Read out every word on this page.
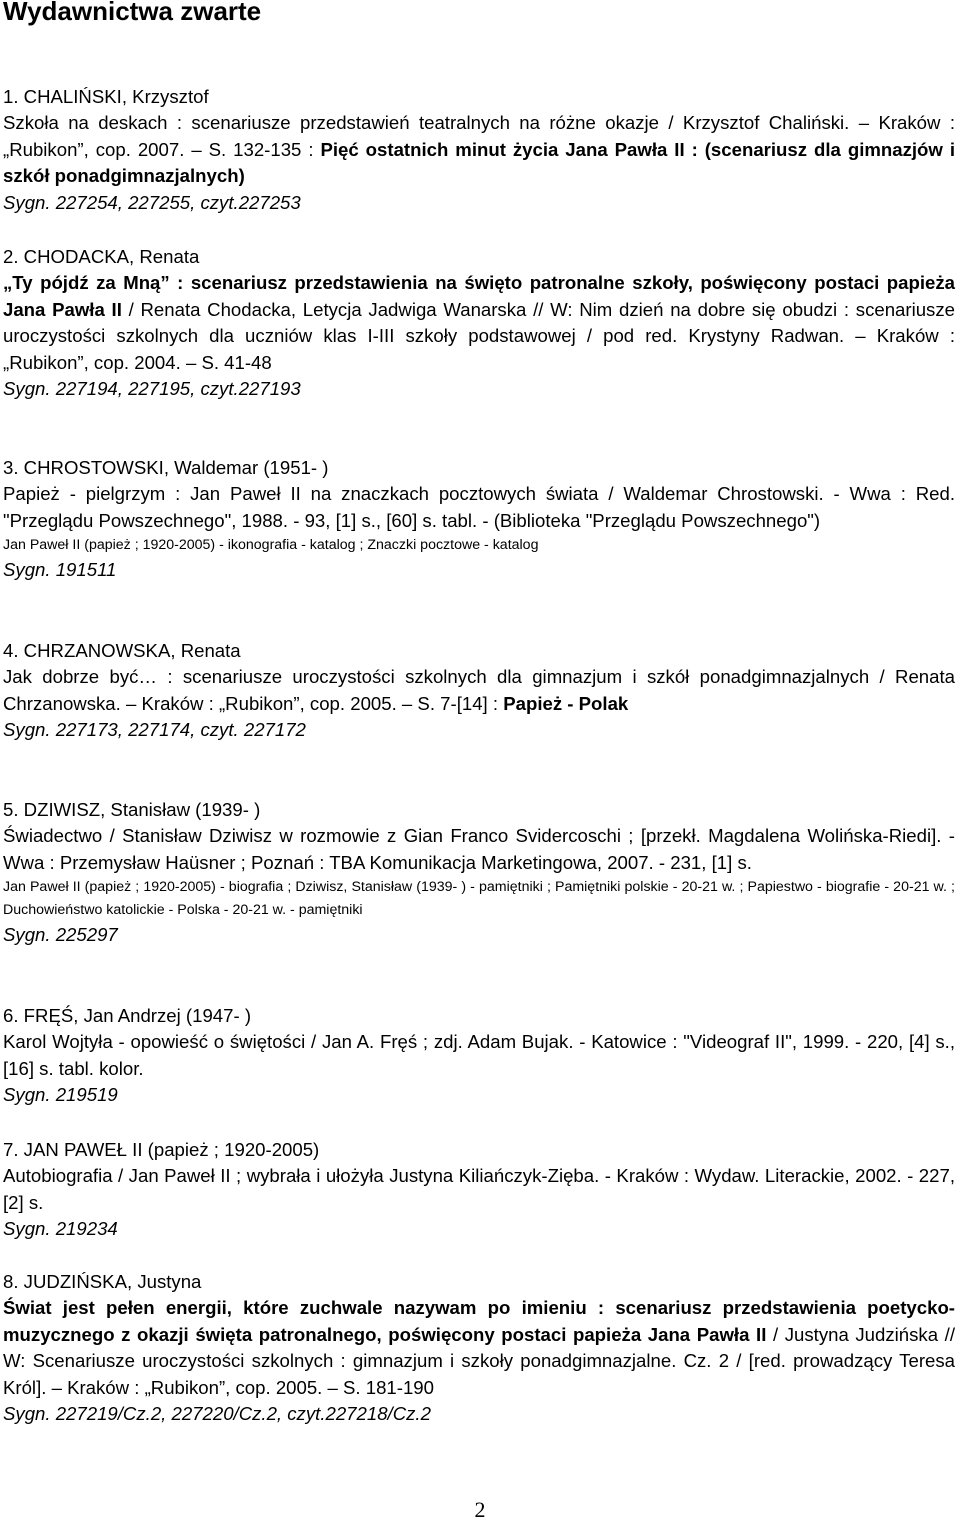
Wydawnictwa zwarte

1. CHALIŃSKI, Krzysztof

Szkoła na deskach : scenariusze przedstawień teatralnych na różne okazje / Krzysztof Chaliński. – Kraków : „Rubikon”, cop. 2007. – S. 132-135 : Pięć ostatnich minut życia Jana Pawła II : (scenariusz dla gimnazjów i szkół ponadgimnazjalnych)

Sygn. 227254, 227255, czyt.227253

2. CHODACKA, Renata

„Ty pójdź za Mną” : scenariusz przedstawienia na święto patronalne szkoły, poświęcony postaci papieża Jana Pawła II / Renata Chodacka, Letycja Jadwiga Wanarska // W: Nim dzień na dobre się obudzi : scenariusze uroczystości szkolnych dla uczniów klas I-III szkoły podstawowej / pod red. Krystyny Radwan. – Kraków : „Rubikon”, cop. 2004. – S. 41-48

Sygn. 227194, 227195, czyt.227193

3. CHROSTOWSKI, Waldemar (1951- )

Papież - pielgrzym : Jan Paweł II na znaczkach pocztowych świata / Waldemar Chrostowski. - Wwa : Red. "Przeglądu Powszechnego", 1988. - 93, [1] s., [60] s. tabl. - (Biblioteka "Przeglądu Powszechnego")

Jan Paweł II (papież ; 1920-2005) - ikonografia - katalog ; Znaczki pocztowe - katalog

Sygn. 191511

4. CHRZANOWSKA, Renata

Jak dobrze być… : scenariusze uroczystości szkolnych dla gimnazjum i szkół ponadgimnazjalnych / Renata Chrzanowska. – Kraków : „Rubikon”, cop. 2005. – S. 7-[14] : Papież - Polak

Sygn. 227173, 227174, czyt. 227172

5. DZIWISZ, Stanisław (1939- )

Świadectwo / Stanisław Dziwisz w rozmowie z Gian Franco Svidercoschi ; [przekł. Magdalena Wolińska-Riedi]. - Wwa : Przemysław Haüsner ; Poznań : TBA Komunikacja Marketingowa, 2007. - 231, [1] s.

Jan Paweł II (papież ; 1920-2005) - biografia ; Dziwisz, Stanisław (1939- ) - pamiętniki ; Pamiętniki polskie - 20-21 w. ; Papiestwo - biografie - 20-21 w. ; Duchowieństwo katolickie - Polska - 20-21 w. - pamiętniki

Sygn. 225297

6. FRĘŚ, Jan Andrzej (1947- )

Karol Wojtyła - opowieść o świętości / Jan A. Fręś ; zdj. Adam Bujak. - Katowice : "Videograf II", 1999. - 220, [4] s., [16] s. tabl. kolor.

Sygn. 219519

7. JAN PAWEŁ II (papież ; 1920-2005)

Autobiografia / Jan Paweł II ; wybrała i ułożyła Justyna Kiliańczyk-Zięba. - Kraków : Wydaw. Literackie, 2002. - 227, [2] s.

Sygn. 219234

8. JUDZIŃSKA, Justyna

Świat jest pełen energii, które zuchwale nazywam po imieniu : scenariusz przedstawienia poetycko-muzycznego z okazji święta patronalnego, poświęcony postaci papieża Jana Pawła II / Justyna Judzińska // W: Scenariusze uroczystości szkolnych : gimnazjum i szkoły ponadgimnazjalne. Cz. 2 / [red. prowadzący Teresa Król]. – Kraków : „Rubikon”, cop. 2005. – S. 181-190

Sygn. 227219/Cz.2, 227220/Cz.2, czyt.227218/Cz.2

2
